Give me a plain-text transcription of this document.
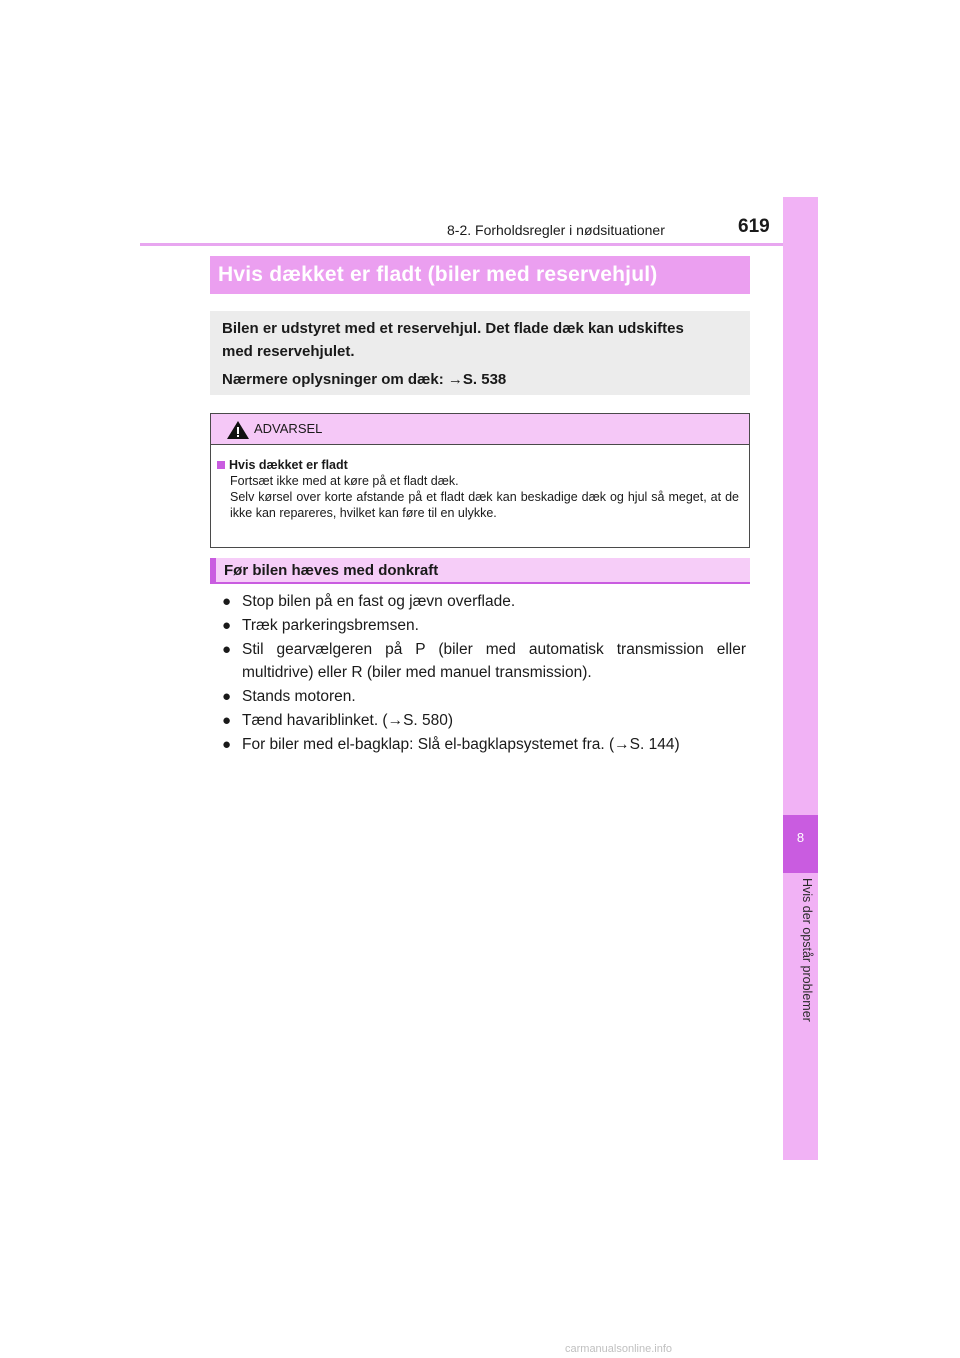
8-2. Forholdsregler i nødsituationer	619
8
Hvis der opstår problemer
Hvis dækket er fladt (biler med reservehjul)
Bilen er udstyret med et reservehjul. Det flade dæk kan udskiftes
med reservehjulet.
Nærmere oplysninger om dæk: →S. 538
ADVARSEL
Hvis dækket er fladt
Fortsæt ikke med at køre på et fladt dæk.
Selv kørsel over korte afstande på et fladt dæk kan beskadige dæk og hjul så meget, at de ikke kan repareres, hvilket kan føre til en ulykke.
Før bilen hæves med donkraft
● Stop bilen på en fast og jævn overflade.
● Træk parkeringsbremsen.
● Stil gearvælgeren på P (biler med automatisk transmission eller multidrive) eller R (biler med manuel transmission).
● Stands motoren.
● Tænd havariblinket. (→S. 580)
● For biler med el-bagklap: Slå el-bagklapsystemet fra. (→S. 144)
carmanualsonline.info
